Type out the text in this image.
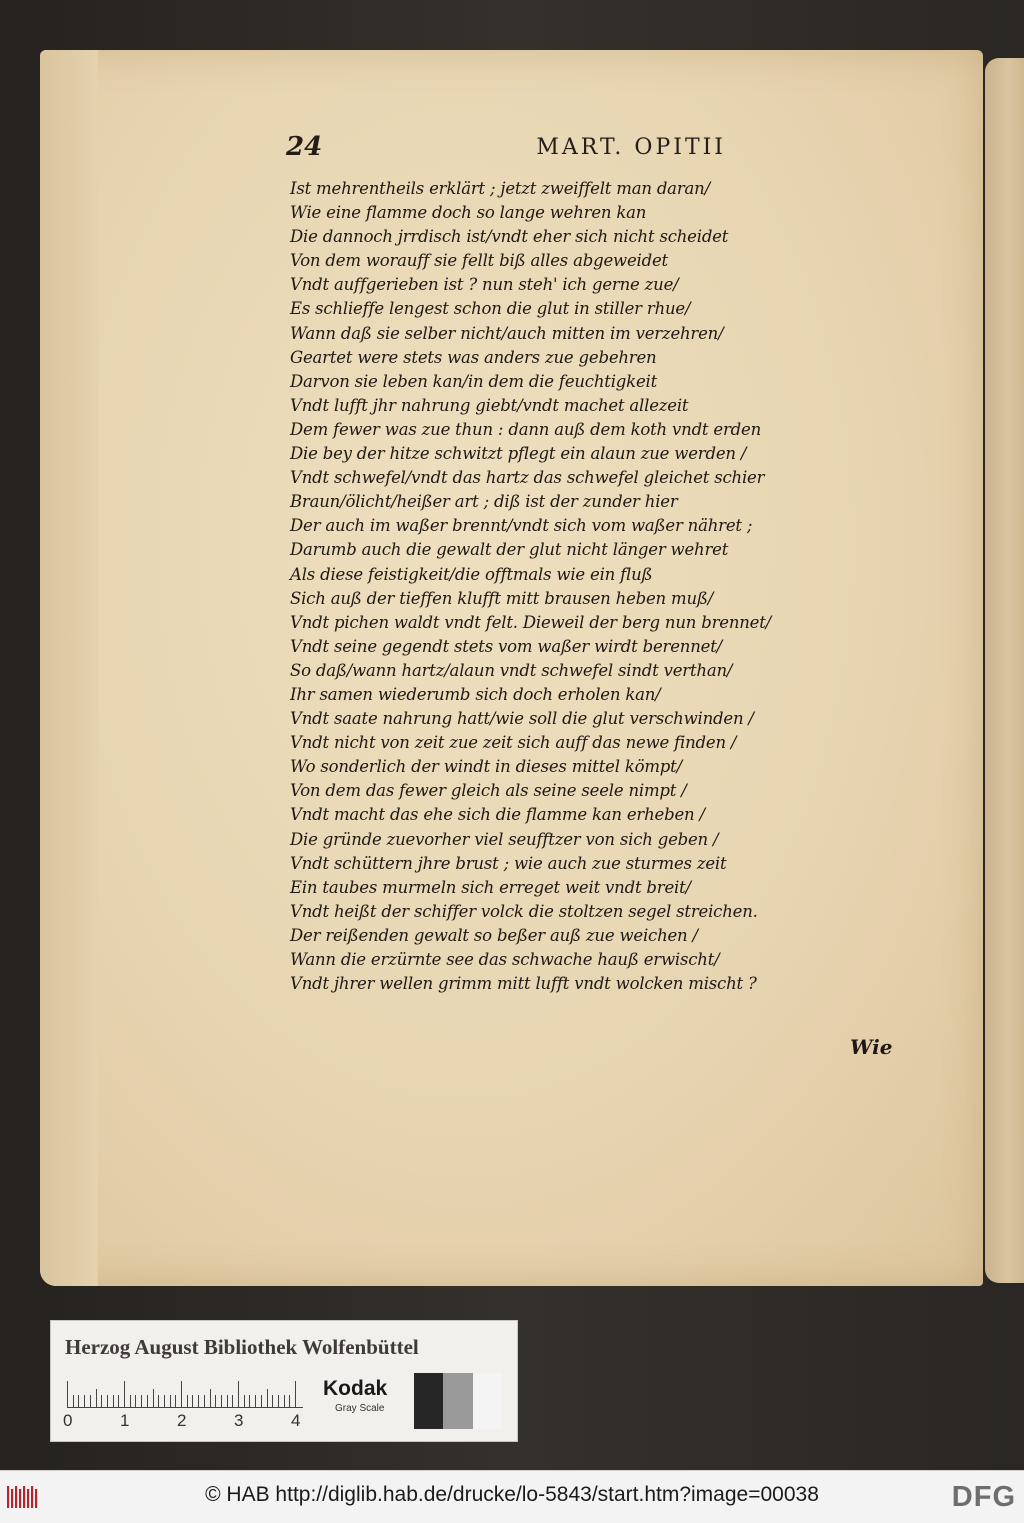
24	MART. OPITII
Ist mehrentheils erklärt ; jetzt zweiffelt man daran/
Wie eine flamme doch so lange wehren kan
Die dannoch jrrdisch ist/vndt eher sich nicht scheidet
Von dem worauff sie fellt biß alles abgeweidet
Vndt auffgerieben ist ? nun steh' ich gerne zue/
Es schlieffe lengest schon die glut in stiller rhue/
Wann daß sie selber nicht/auch mitten im verzehren/
Geartet were stets was anders zue gebehren
Darvon sie leben kan/in dem die feuchtigkeit
Vndt lufft jhr nahrung giebt/vndt machet allezeit
Dem fewer was zue thun : dann auß dem koth vndt erden
Die bey der hitze schwitzt pflegt ein alaun zue werden /
Vndt schwefel/vndt das hartz das schwefel gleichet schier
Braun/ölicht/heißer art ; diß ist der zunder hier
Der auch im waßer brennt/vndt sich vom waßer nähret ;
Darumb auch die gewalt der glut nicht länger wehret
Als diese feistigkeit/die offtmals wie ein fluß
Sich auß der tieffen klufft mitt brausen heben muß/
Vndt pichen waldt vndt felt. Dieweil der berg nun brennet/
Vndt seine gegendt stets vom waßer wirdt berennet/
So daß/wann hartz/alaun vndt schwefel sindt verthan/
Ihr samen wiederumb sich doch erholen kan/
Vndt saate nahrung hatt/wie soll die glut verschwinden /
Vndt nicht von zeit zue zeit sich auff das newe finden /
Wo sonderlich der windt in dieses mittel kömpt/
Von dem das fewer gleich als seine seele nimpt /
Vndt macht das ehe sich die flamme kan erheben /
Die gründe zuevorher viel seufftzer von sich geben /
Vndt schüttern jhre brust ; wie auch zue sturmes zeit
Ein taubes murmeln sich erreget weit vndt breit/
Vndt heißt der schiffer volck die stoltzen segel streichen.
Der reißenden gewalt so beßer auß zue weichen /
Wann die erzürnte see das schwache hauß erwischt/
Vndt jhrer wellen grimm mitt lufft vndt wolcken mischt ?
Wie
Herzog August Bibliothek Wolfenbüttel
0	1	2	3	4
Kodak
Gray Scale
© HAB http://diglib.hab.de/drucke/lo-5843/start.htm?image=00038	DFG
